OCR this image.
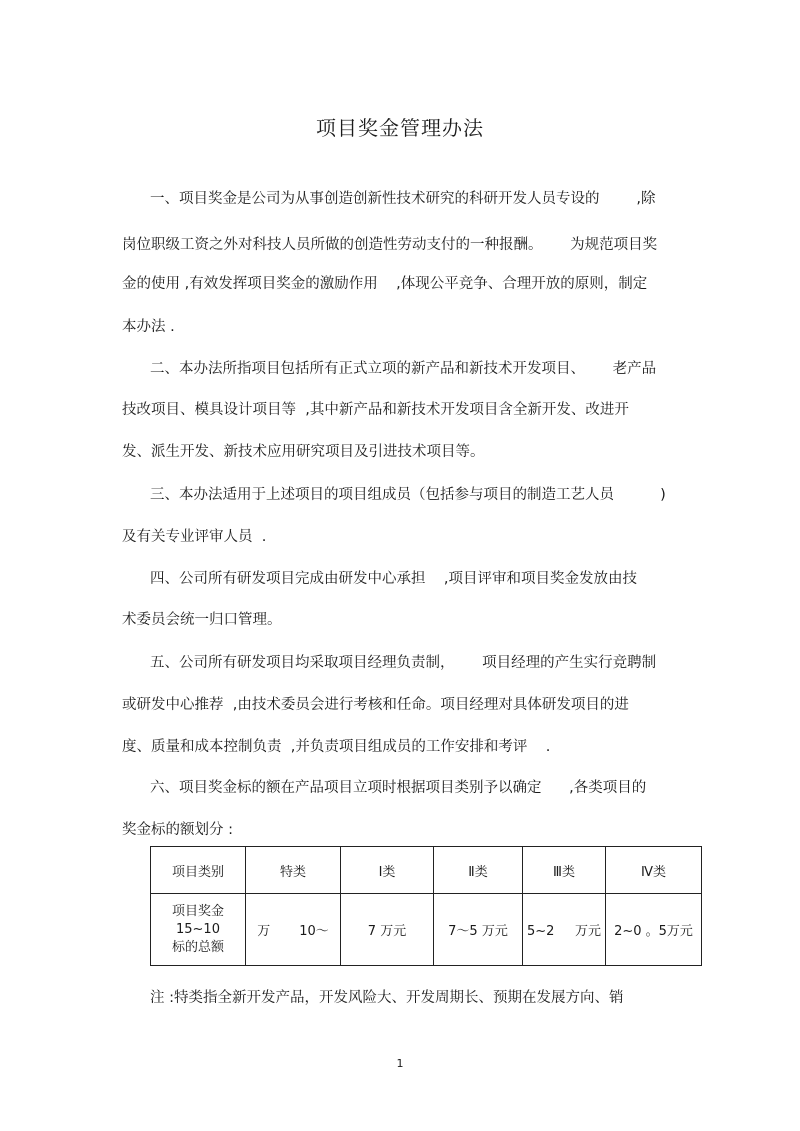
项目奖金管理办法
一、项目奖金是公司为从事创造创新性技术研究的科研开发人员专设的        ,除
岗位职级工资之外对科技人员所做的创造性劳动支付的一种报酬。      为规范项目奖
金的使用 ,有效发挥项目奖金的激励作用    ,体现公平竞争、合理开放的原则，制定
本办法 .
二、本办法所指项目包括所有正式立项的新产品和新技术开发项目、      老产品
技改项目、模具设计项目等  ,其中新产品和新技术开发项目含全新开发、改进开
发、派生开发、新技术应用研究项目及引进技术项目等。
三、本办法适用于上述项目的项目组成员（包括参与项目的制造工艺人员          )
及有关专业评审人员  .
四、公司所有研发项目完成由研发中心承担    ,项目评审和项目奖金发放由技
术委员会统一归口管理。
五、公司所有研发项目均采取项目经理负责制，      项目经理的产生实行竞聘制
或研发中心推荐  ,由技术委员会进行考核和任命。项目经理对具体研发项目的进
度、质量和成本控制负责  ,并负责项目组成员的工作安排和考评    .
六、项目奖金标的额在产品项目立项时根据项目类别予以确定      ,各类项目的
奖金标的额划分 :
项目类别	特类	Ⅰ类	Ⅱ类	Ⅲ类	Ⅳ类

项目奖金
15~10
标的总额	万       10～	7 万元	7～5 万元	5~2     万元	2~0 。5万元
注 :特类指全新开发产品，开发风险大、开发周期长、预期在发展方向、销
1
